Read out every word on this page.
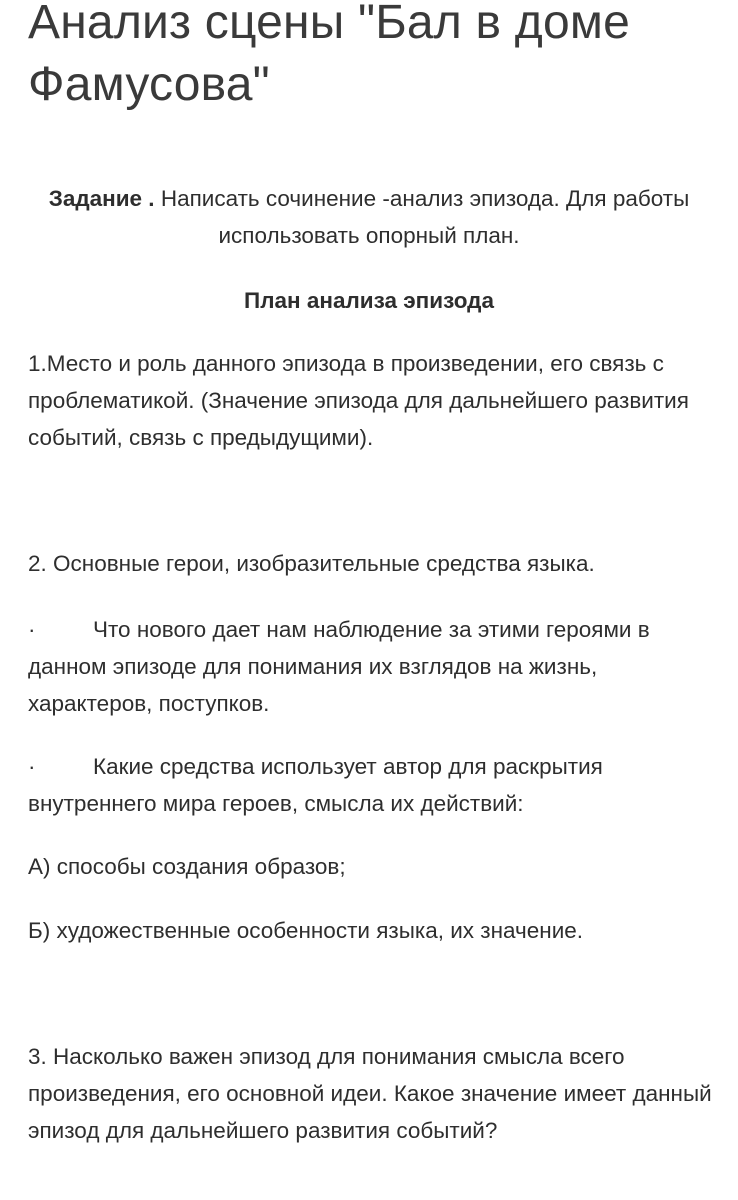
Анализ сцены "Бал в доме Фамусова"

Задание . Написать сочинение -анализ эпизода. Для работы использовать опорный план.

План анализа эпизода

1.Место и роль данного эпизода в произведении, его связь с проблематикой. (Значение эпизода для дальнейшего развития событий, связь с предыдущими).

2. Основные герои, изобразительные средства языка.

·	Что нового дает нам наблюдение за этими героями в данном эпизоде для понимания их взглядов на жизнь, характеров, поступков.

·	Какие средства использует автор для раскрытия внутреннего мира героев, смысла их действий:

А) способы создания образов;

Б) художественные особенности языка, их значение.

3. Насколько важен эпизод для понимания смысла всего произведения, его основной идеи. Какое значение имеет данный эпизод для дальнейшего развития событий?
